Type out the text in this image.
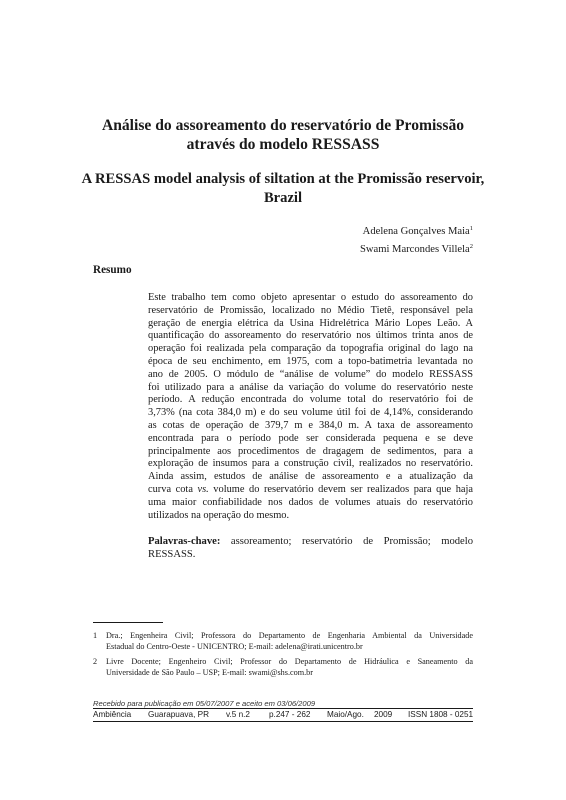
Análise do assoreamento do reservatório de Promissão
através do modelo RESSASS
A RESSAS model analysis of siltation at the Promissão reservoir,
Brazil
Adelena Gonçalves Maia$^1$
Swami Marcondes Villela$^2$
Resumo
Este trabalho tem como objeto apresentar o estudo do assoreamento do
reservatório de Promissão, localizado no Médio Tietê, responsável pela
geração de energia elétrica da Usina Hidrelétrica Mário Lopes Leão. A
quantificação do assoreamento do reservatório nos últimos trinta anos de
operação foi realizada pela comparação da topografia original do lago na
época de seu enchimento, em 1975, com a topo-batimetria levantada no
ano de 2005. O módulo de “análise de volume” do modelo RESSASS
foi utilizado para a análise da variação do volume do reservatório neste
período. A redução encontrada do volume total do reservatório foi de
3,73% (na cota 384,0 m) e do seu volume útil foi de 4,14%, considerando
as cotas de operação de 379,7 m e 384,0 m. A taxa de assoreamento
encontrada para o período pode ser considerada pequena e se deve
principalmente aos procedimentos de dragagem de sedimentos, para a
exploração de insumos para a construção civil, realizados no reservatório.
Ainda assim, estudos de análise de assoreamento e a atualização da
curva cota vs. volume do reservatório devem ser realizados para que haja
uma maior confiabilidade nos dados de volumes atuais do reservatório
utilizados na operação do mesmo.
Palavras-chave: assoreamento; reservatório de Promissão; modelo
RESSASS.
1 Dra.; Engenheira Civil; Professora do Departamento de Engenharia Ambiental da Universidade
Estadual do Centro-Oeste - UNICENTRO; E-mail: adelena@irati.unicentro.br
2 Livre Docente; Engenheiro Civil; Professor do Departamento de Hidráulica e Saneamento da
Universidade de São Paulo – USP; E-mail: swami@shs.com.br
Recebido para publicação em 05/07/2007 e aceito em 03/06/2009
Ambiência Guarapuava, PR v.5 n.2 p.247 - 262 Maio/Ago. 2009 ISSN 1808 - 0251
